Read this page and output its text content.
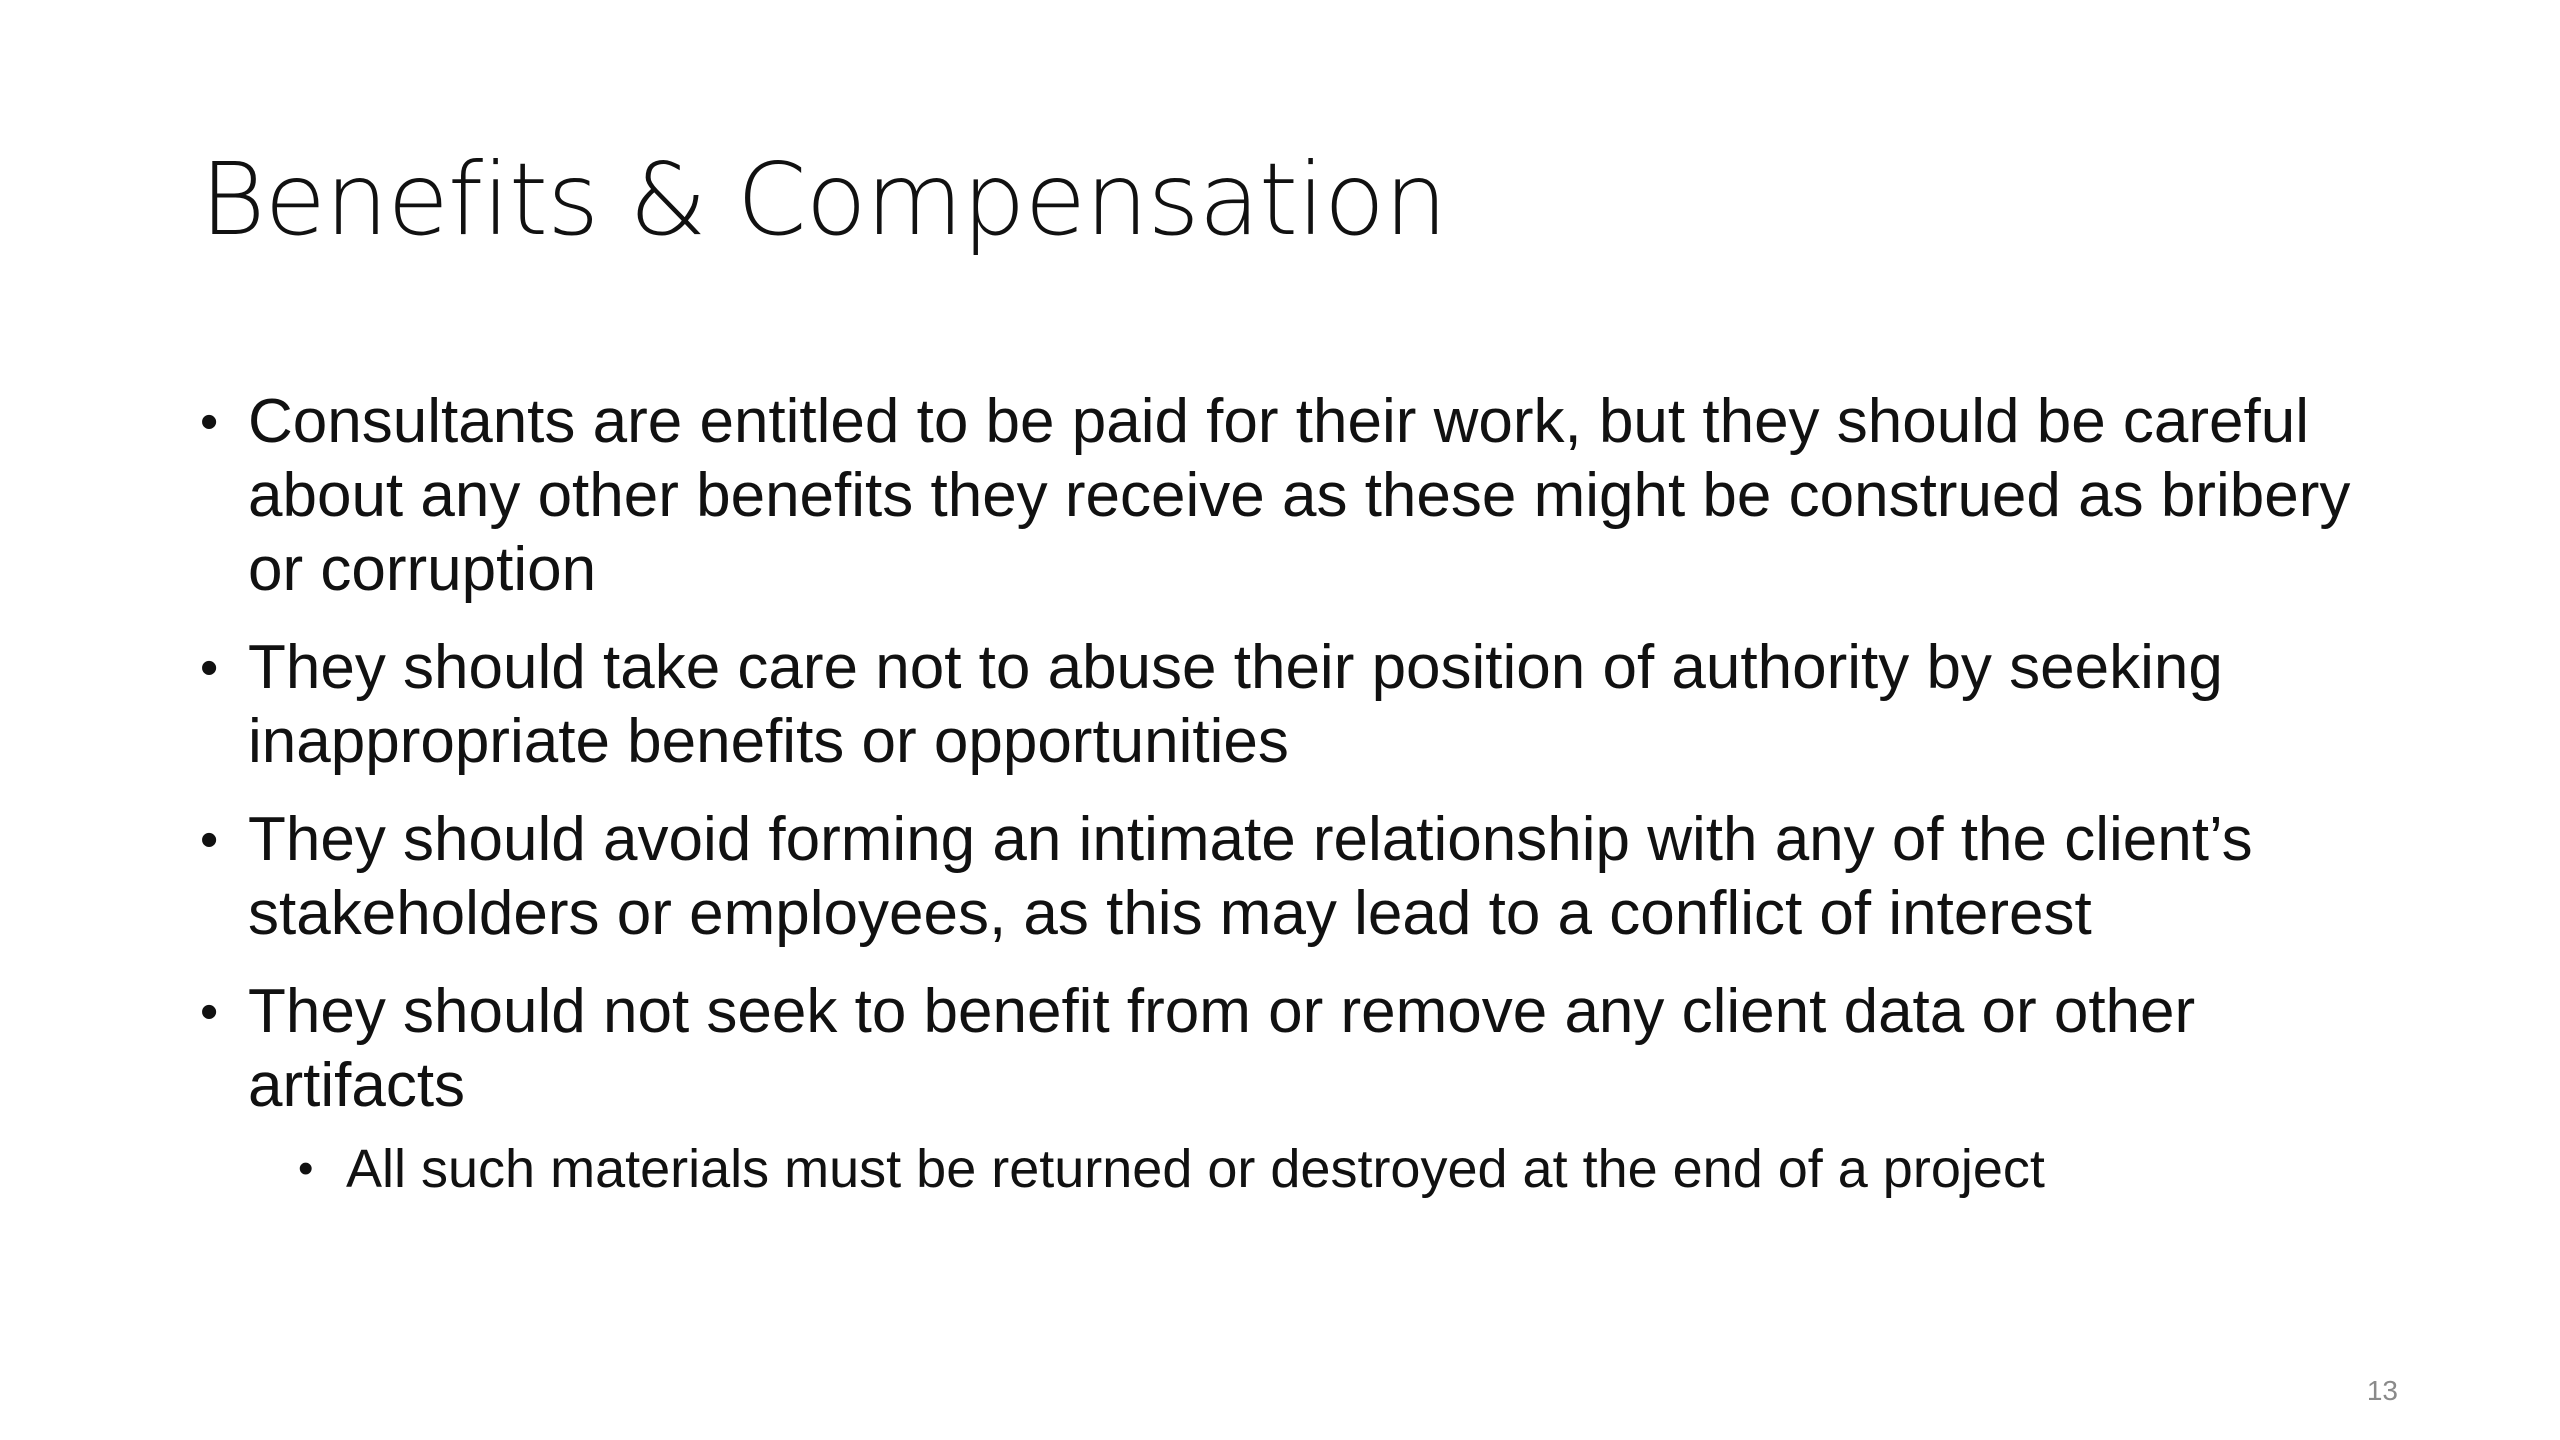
Benefits & Compensation
• Consultants are entitled to be paid for their work, but they should be careful about any other benefits they receive as these might be construed as bribery or corruption
• They should take care not to abuse their position of authority by seeking inappropriate benefits or opportunities
• They should avoid forming an intimate relationship with any of the client’s stakeholders or employees, as this may lead to a conflict of interest
• They should not seek to benefit from or remove any client data or other artifacts
• All such materials must be returned or destroyed at the end of a project
13
